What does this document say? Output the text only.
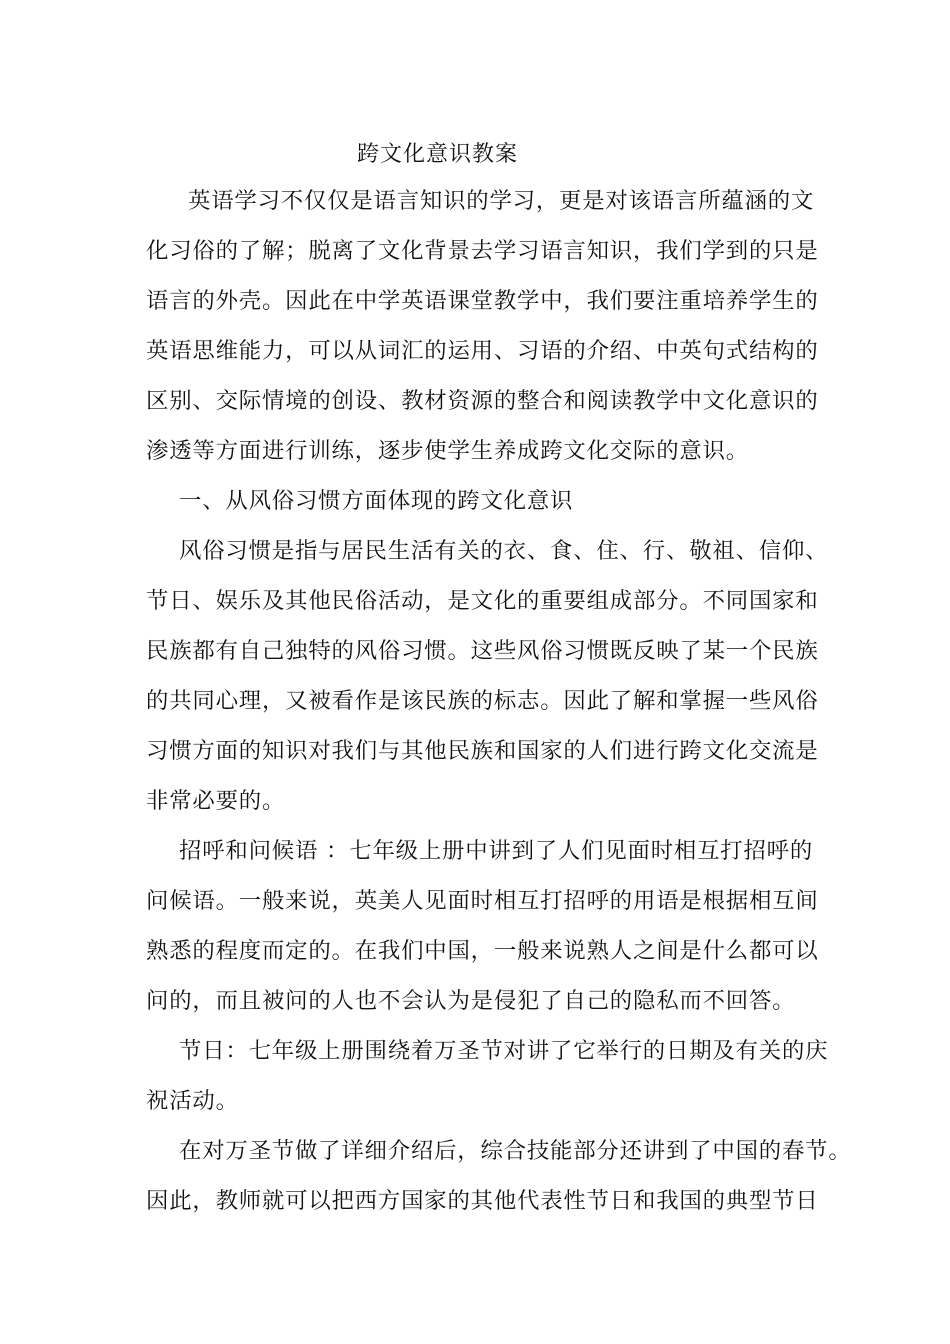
跨文化意识教案
英语学习不仅仅是语言知识的学习，更是对该语言所蕴涵的文
化习俗的了解；脱离了文化背景去学习语言知识，我们学到的只是
语言的外壳。因此在中学英语课堂教学中，我们要注重培养学生的
英语思维能力，可以从词汇的运用、习语的介绍、中英句式结构的
区别、交际情境的创设、教材资源的整合和阅读教学中文化意识的
渗透等方面进行训练，逐步使学生养成跨文化交际的意识。
一、从风俗习惯方面体现的跨文化意识
风俗习惯是指与居民生活有关的衣、食、住、行、敬祖、信仰、
节日、娱乐及其他民俗活动，是文化的重要组成部分。不同国家和
民族都有自己独特的风俗习惯。这些风俗习惯既反映了某一个民族
的共同心理，又被看作是该民族的标志。因此了解和掌握一些风俗
习惯方面的知识对我们与其他民族和国家的人们进行跨文化交流是
非常必要的。
招呼和问候语 ：七年级上册中讲到了人们见面时相互打招呼的
问候语。一般来说，英美人见面时相互打招呼的用语是根据相互间
熟悉的程度而定的。在我们中国，一般来说熟人之间是什么都可以
问的，而且被问的人也不会认为是侵犯了自己的隐私而不回答。
节日：七年级上册围绕着万圣节对讲了它举行的日期及有关的庆
祝活动。
在对万圣节做了详细介绍后，综合技能部分还讲到了中国的春节。
因此，教师就可以把西方国家的其他代表性节日和我国的典型节日
